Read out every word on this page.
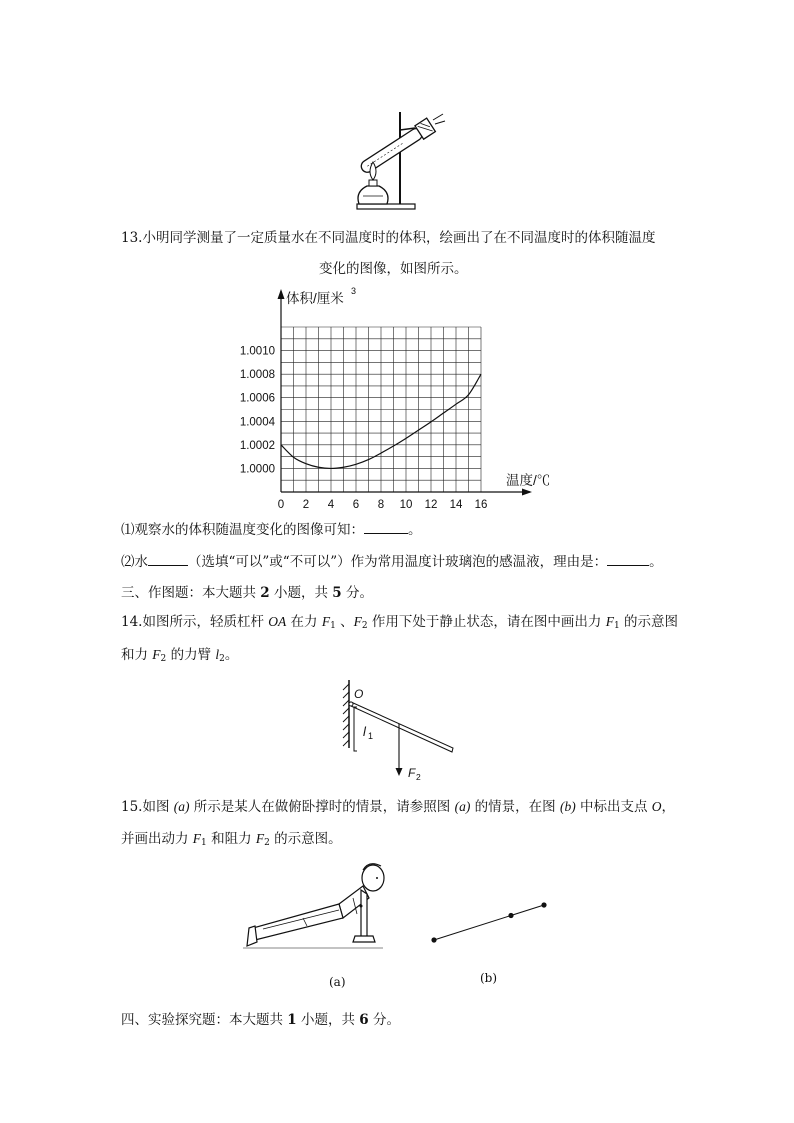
13.小明同学测量了一定质量水在不同温度时的体积，绘画出了在不同温度时的体积随温度
变化的图像，如图所示。
0 2 4 6 8 10 12 14 16
1.0000
1.0002
1.0004
1.0006
1.0008
1.0010
体积/厘米 3
温度/℃
⑴观察水的体积随温度变化的图像可知：	。
⑵水	（选填“可以”或“不可以”）作为常用温度计玻璃泡的感温液，理由是：	。
三、作图题：本大题共 2 小题，共 5 分。
14.如图所示，轻质杠杆 OA 在力 $F_1$ 、$F_2$ 作用下处于静止状态，请在图中画出力 $F_1$ 的示意图
和力 $F_2$ 的力臂 $l_2$。
O
l 1
F 2
15.如图 (a) 所示是某人在做俯卧撑时的情景，请参照图 (a) 的情景，在图 (b) 中标出支点 O，
并画出动力 $F_1$ 和阻力 $F_2$ 的示意图。
(a)	(b)
四、实验探究题：本大题共 1 小题，共 6 分。
